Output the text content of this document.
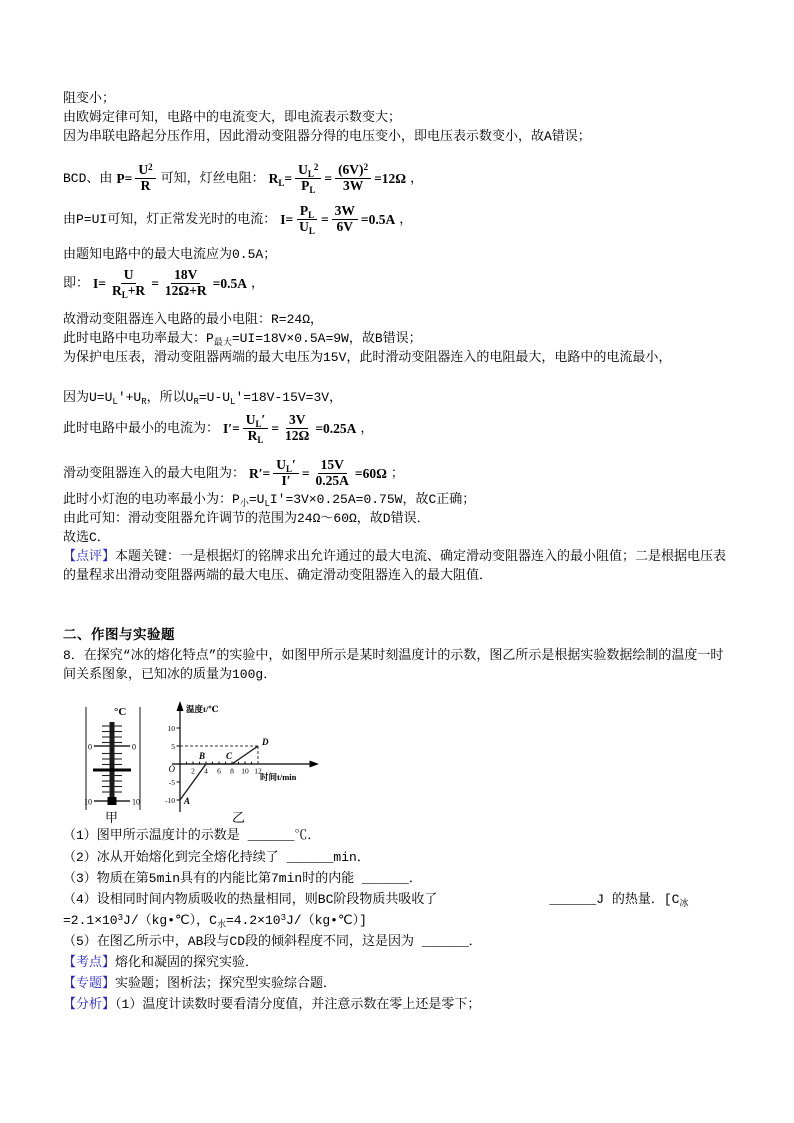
阻变小；
由欧姆定律可知，电路中的电流变大，即电流表示数变大；
因为串联电路起分压作用，因此滑动变阻器分得的电压变小，即电压表示数变小，故A错误；
BCD、由 $P= \frac{U^2}{R}$ 可知，灯丝电阻： $R_L= \frac{U_L^2}{P_L} = \frac{(6V)^2}{3W} =12\Omega$ ，
由P=UI可知，灯正常发光时的电流： $I= \frac{P_L}{U_L} = \frac{3W}{6V} =0.5A$ ，
由题知电路中的最大电流应为0.5A；
即： $I= \frac{U}{R_L+R} = \frac{18V}{12\Omega+R} =0.5A$ ，
故滑动变阻器连入电路的最小电阻：R=24Ω，
此时电路中电功率最大：$P_{最大}=UI=18V\times 0.5A=9W$，故B错误；
为保护电压表，滑动变阻器两端的最大电压为15V，此时滑动变阻器连入的电阻最大，电路中的电流最小，
因为$U=U_L'+U_R$，所以$U_R=U-U_L'=18V-15V=3V$，
此时电路中最小的电流为： $I'= \frac{U_L'}{R_L} = \frac{3V}{12\Omega} =0.25A$ ，
滑动变阻器连入的最大电阻为： $R'= \frac{U_L'}{I'} = \frac{15V}{0.25A} =60\Omega$ ；
此时小灯泡的电功率最小为：$P_小=U_LI'=3V\times 0.25A=0.75W$，故C正确；
由此可知：滑动变阻器允许调节的范围为24Ω～60Ω，故D错误．
故选C．
【点评】本题关键：一是根据灯的铭牌求出允许通过的最大电流、确定滑动变阻器连入的最小阻值；二是根据电压表的量程求出滑动变阻器两端的最大电压、确定滑动变阻器连入的最大阻值．
二、作图与实验题
8．在探究“冰的熔化特点”的实验中，如图甲所示是某时刻温度计的示数，图乙所示是根据实验数据绘制的温度一时间关系图象，已知冰的质量为100g．
°C
0	0
10	10
甲
温度t/℃
时间t/min
O
10
5
-5
-10
2 4 6 8 10 12
A
B C
D
乙
（1）图甲所示温度计的示数是 ______℃．
（2）冰从开始熔化到完全熔化持续了 ______min．
（3）物质在第5min具有的内能比第7min时的内能 ______．
（4）设相同时间内物质吸收的热量相同，则BC阶段物质共吸收了	______J 的热量．[$C_冰$
$=2.1\times 10^3J/(kg•℃)$，$C_水=4.2\times 10^3J/(kg•℃)$]
（5）在图乙所示中，AB段与CD段的倾斜程度不同，这是因为 ______．
【考点】熔化和凝固的探究实验．
【专题】实验题；图析法；探究型实验综合题．
【分析】（1）温度计读数时要看清分度值，并注意示数在零上还是零下；
